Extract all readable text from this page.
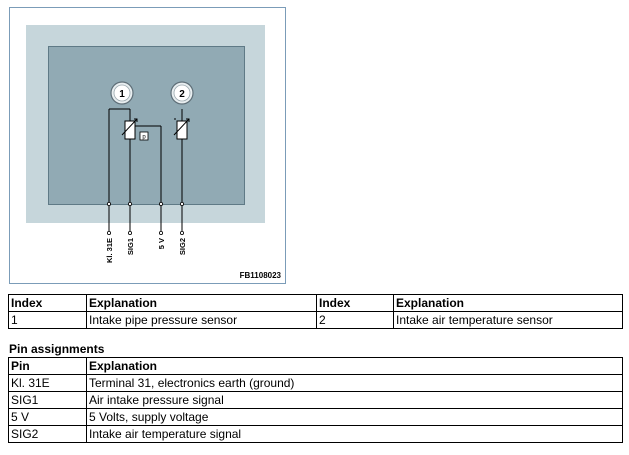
1	2
p
Kl. 31E SIG1	5 V SIG2
FB1108023
Index	Explanation	Index	Explanation
1	Intake pipe pressure sensor	2	Intake air temperature sensor
Pin assignments
Pin	Explanation
Kl. 31E	Terminal 31, electronics earth (ground)
SIG1	Air intake pressure signal
5 V	5 Volts, supply voltage
SIG2	Intake air temperature signal
